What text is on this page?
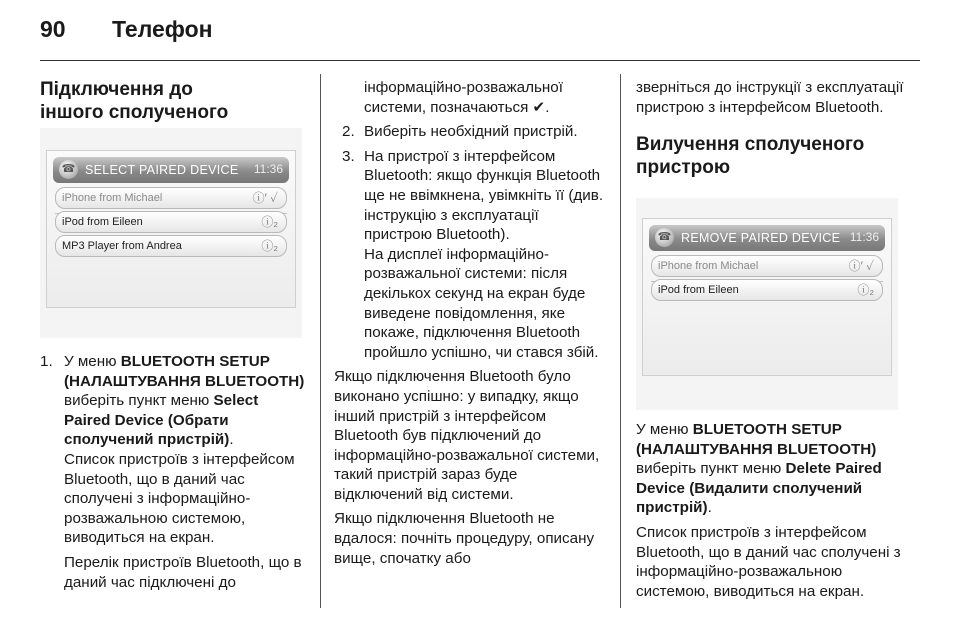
90 Телефон

Підключення до іншого сполученого

☎ SELECT PAIRED DEVICE 11:36
iPhone from Michael	ⓘ′ ✓
iPod from Eileen	ⓘ₂
MP3 Player from Andrea	ⓘ₂
1. У меню BLUETOOTH SETUP (НАЛАШТУВАННЯ BLUETOOTH) виберіть пункт меню Select Paired Device (Обрати сполучений пристрій).

Список пристроїв з інтерфейсом Bluetooth, що в даний час сполучені з інформаційно-розважальною системою, виводиться на екран.

Перелік пристроїв Bluetooth, що в даний час підключені до

інформаційно-розважальної системи, позначаються ✔.

2. Виберіть необхідний пристрій.
3. На пристрої з інтерфейсом Bluetooth: якщо функція Bluetooth ще не ввімкнена, увімкніть її (див. інструкцію з експлуатації пристрою Bluetooth).

На дисплеї інформаційно-розважальної системи: після декількох секунд на екран буде виведене повідомлення, яке покаже, підключення Bluetooth пройшло успішно, чи стався збій.

Якщо підключення Bluetooth було виконано успішно: у випадку, якщо інший пристрій з інтерфейсом Bluetooth був підключений до інформаційно-розважальної системи, такий пристрій зараз буде відключений від системи.

Якщо підключення Bluetooth не вдалося: почніть процедуру, описану вище, спочатку або

зверніться до інструкції з експлуатації пристрою з інтерфейсом Bluetooth.

Вилучення сполученого пристрою

☎ REMOVE PAIRED DEVICE 11:36
iPhone from Michael	ⓘ′ ✓
iPod from Eileen	ⓘ₂

У меню BLUETOOTH SETUP (НАЛАШТУВАННЯ BLUETOOTH) виберіть пункт меню Delete Paired Device (Видалити сполучений пристрій).

Список пристроїв з інтерфейсом Bluetooth, що в даний час сполучені з інформаційно-розважальною системою, виводиться на екран.
